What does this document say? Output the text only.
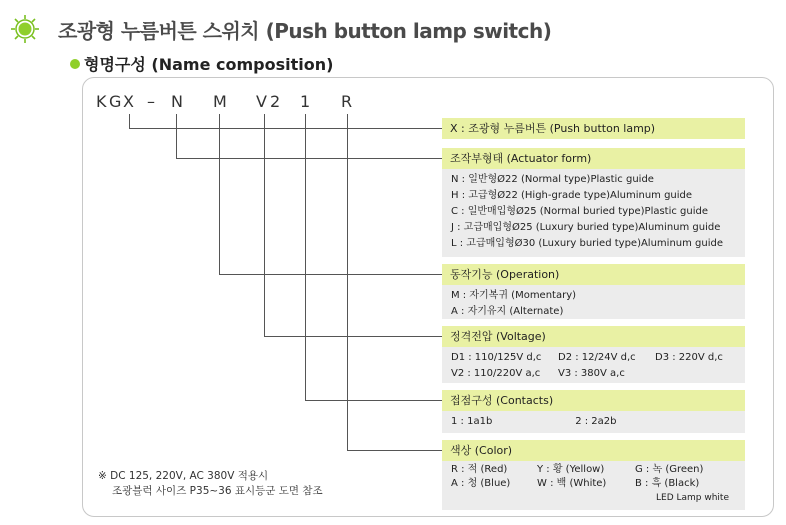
조광형 누름버튼 스위치 (Push button lamp switch)
형명구성 (Name composition)
K G X – N M V 2 1 R
X : 조광형 누름버튼 (Push button lamp)
조작부형태 (Actuator form)
N : 일반형Ø22 (Normal type)Plastic guide
H : 고급형Ø22 (High-grade type)Aluminum guide
C : 일반매입형Ø25 (Normal buried type)Plastic guide
J : 고급매입형Ø25 (Luxury buried type)Aluminum guide
L : 고급매입형Ø30 (Luxury buried type)Aluminum guide
동작기능 (Operation)
M : 자기복귀 (Momentary)
A : 자기유지 (Alternate)
정격전압 (Voltage)
D1 : 110/125V d,c	D2 : 12/24V d,c	D3 : 220V d,c
V2 : 110/220V a,c	V3 : 380V a,c
접점구성 (Contacts)
1 : 1a1b	2 : 2a2b
색상 (Color)
R : 적 (Red)	Y : 황 (Yellow)	G : 녹 (Green)
A : 청 (Blue)	W : 백 (White)	B : 흑 (Black)
LED Lamp white
※ DC 125, 220V, AC 380V 적용시
조광블럭 사이즈 P35~36 표시등군 도면 참조
